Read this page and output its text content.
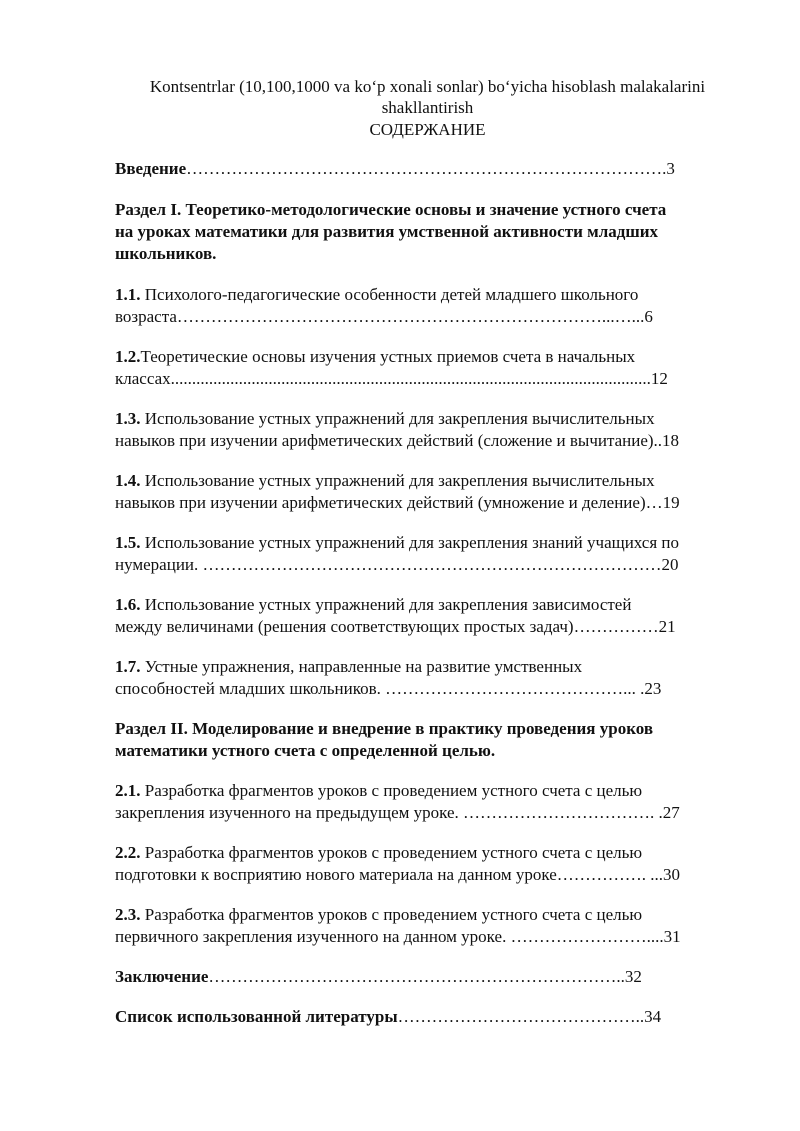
Kontsentrlar (10,100,1000 va ko‘p xonali sonlar) bo‘yicha hisoblash malakalarini
shakllantirish
СОДЕРЖАНИЕ

Введение………………………………………………………………………….3

Раздел I. Теоретико-методологические основы и значение устного счета
на уроках математики для развития умственной активности младших
школьников.

1.1. Психолого-педагогические особенности детей младшего школьного
возраста…………………………………………………………………...…...6

1.2.Теоретические основы изучения устных приемов счета в начальных
классах.................................................................................................................12

1.3. Использование устных упражнений для закрепления вычислительных
навыков при изучении арифметических действий (сложение и вычитание)..18

1.4. Использование устных упражнений для закрепления вычислительных
навыков при изучении арифметических действий (умножение и деление)…19

1.5. Использование устных упражнений для закрепления знаний учащихся по
нумерации. ………………………………………………………………………20

1.6. Использование устных упражнений для закрепления зависимостей
между величинами (решения соответствующих простых задач)……………21

1.7. Устные упражнения, направленные на развитие умственных
способностей младших школьников. ……………………………………... .23

Раздел II. Моделирование и внедрение в практику проведения уроков
математики устного счета с определенной целью.

2.1. Разработка фрагментов уроков с проведением устного счета с целью
закрепления изученного на предыдущем уроке. ……………………………. .27

2.2. Разработка фрагментов уроков с проведением устного счета с целью
подготовки к восприятию нового материала на данном уроке……………. ...30

2.3. Разработка фрагментов уроков с проведением устного счета с целью
первичного закрепления изученного на данном уроке. ……………………....31

Заключение………………………………………………………………..32

Список использованной литературы……………………………………..34
